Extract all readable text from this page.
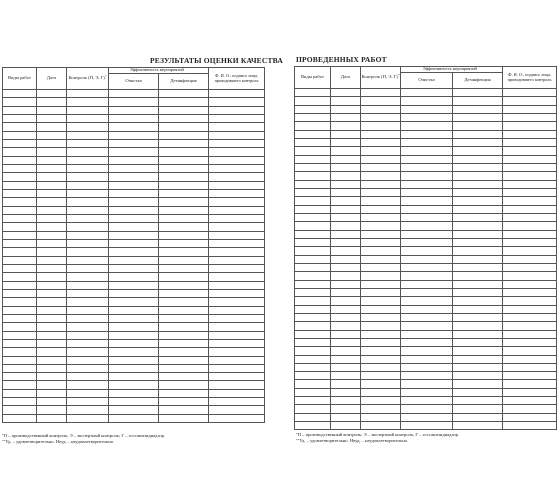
РЕЗУЛЬТАТЫ ОЦЕНКИ КАЧЕСТВА
Виды работ	Дата	Контроль (П, Э, Г)*	Эффективность мероприятий**		Ф. И. О., подпись лица, проводившего контроль
			Очистка	Дезинфекция	

*П – производственный контроль; Э – экспертный контроль; Г – госсанэпиднадзор.
**Уд. – удовлетворительно. Неуд. – неудовлетворительно.
ПРОВЕДЕННЫХ РАБОТ
Виды работ	Дата	Контроль (П, Э, Г)*	Эффективность мероприятий**		Ф. И. О., подпись лица, проводившего контроль
			Очистка	Дезинфекция	

*П – производственный контроль; Э – экспертный контроль; Г – госсанэпиднадзор.
**Уд. – удовлетворительно. Неуд. – неудовлетворительно.
